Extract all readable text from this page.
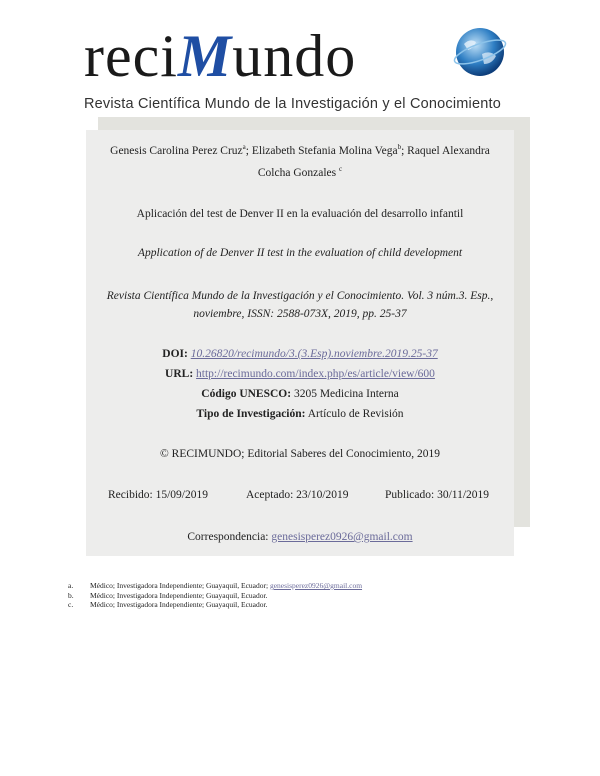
reciMundo
Revista Científica Mundo de la Investigación y el Conocimiento
Genesis Carolina Perez Cruz$^a$; Elizabeth Stefania Molina Vega$^b$; Raquel Alexandra
Colcha Gonzales $^c$
Aplicación del test de Denver II en la evaluación del desarrollo infantil
Application of de Denver II test in the evaluation of child development
Revista Científica Mundo de la Investigación y el Conocimiento. Vol. 3 núm.3. Esp.,
noviembre, ISSN: 2588-073X, 2019, pp. 25-37
DOI: 10.26820/recimundo/3.(3.Esp).noviembre.2019.25-37
URL: http://recimundo.com/index.php/es/article/view/600
Código UNESCO: 3205 Medicina Interna
Tipo de Investigación: Artículo de Revisión
© RECIMUNDO; Editorial Saberes del Conocimiento, 2019
Recibido: 15/09/2019	Aceptado: 23/10/2019	Publicado: 30/11/2019
Correspondencia: genesisperez0926@gmail.com
a. Médico; Investigadora Independiente; Guayaquil, Ecuador; genesisperez0926@gmail.com
b. Médico; Investigadora Independiente; Guayaquil, Ecuador.
c. Médico; Investigadora Independiente; Guayaquil, Ecuador.
